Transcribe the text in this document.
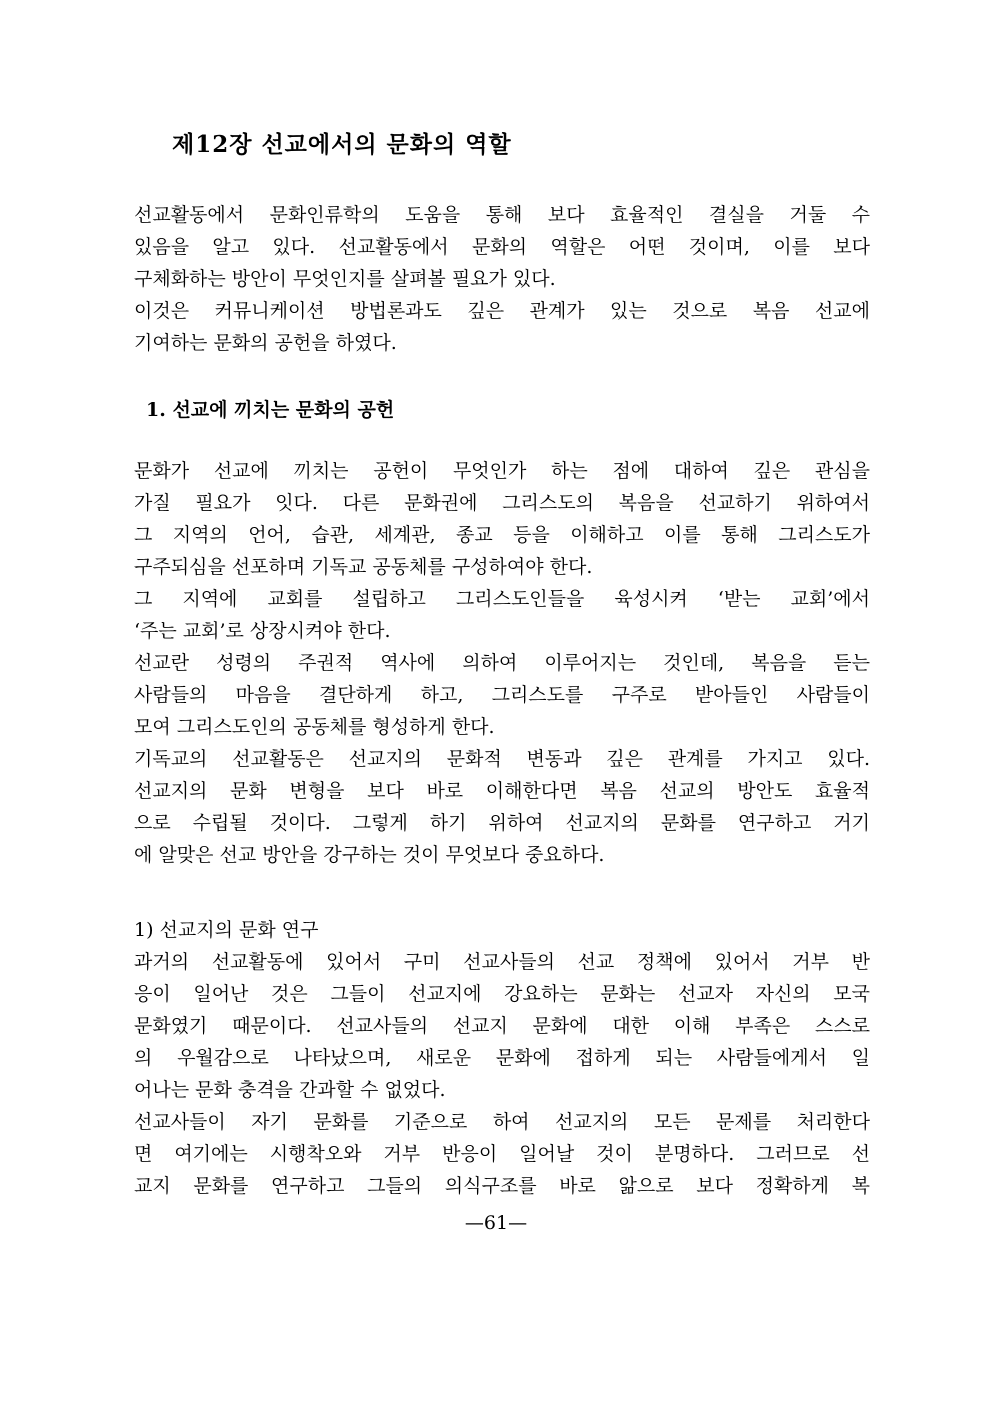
제12장 선교에서의 문화의 역할
선교활동에서 문화인류학의 도움을 통해 보다 효율적인 결실을 거둘 수
있음을 알고 있다. 선교활동에서 문화의 역할은 어떤 것이며, 이를 보다
구체화하는 방안이 무엇인지를 살펴볼 필요가 있다.
이것은 커뮤니케이션 방법론과도 깊은 관계가 있는 것으로 복음 선교에
기여하는 문화의 공헌을 하였다.
1. 선교에 끼치는 문화의 공헌
문화가 선교에 끼치는 공헌이 무엇인가 하는 점에 대하여 깊은 관심을
가질 필요가 잇다. 다른 문화권에 그리스도의 복음을 선교하기 위하여서
그 지역의 언어, 습관, 세계관, 종교 등을 이해하고 이를 통해 그리스도가
구주되심을 선포하며 기독교 공동체를 구성하여야 한다.
그 지역에 교회를 설립하고 그리스도인들을 육성시켜 ‘받는 교회’에서
‘주는 교회’로 상장시켜야 한다.
선교란 성령의 주권적 역사에 의하여 이루어지는 것인데, 복음을 듣는
사람들의 마음을 결단하게 하고, 그리스도를 구주로 받아들인 사람들이
모여 그리스도인의 공동체를 형성하게 한다.
기독교의 선교활동은 선교지의 문화적 변동과 깊은 관계를 가지고 있다.
선교지의 문화 변형을 보다 바로 이해한다면 복음 선교의 방안도 효율적
으로 수립될 것이다. 그렇게 하기 위하여 선교지의 문화를 연구하고 거기
에 알맞은 선교 방안을 강구하는 것이 무엇보다 중요하다.
1) 선교지의 문화 연구
과거의 선교활동에 있어서 구미 선교사들의 선교 정책에 있어서 거부 반
응이 일어난 것은 그들이 선교지에 강요하는 문화는 선교자 자신의 모국
문화였기 때문이다. 선교사들의 선교지 문화에 대한 이해 부족은 스스로
의 우월감으로 나타났으며, 새로운 문화에 접하게 되는 사람들에게서 일
어나는 문화 충격을 간과할 수 없었다.
선교사들이 자기 문화를 기준으로 하여 선교지의 모든 문제를 처리한다
면 여기에는 시행착오와 거부 반응이 일어날 것이 분명하다. 그러므로 선
교지 문화를 연구하고 그들의 의식구조를 바로 앎으로 보다 정확하게 복
—61—
